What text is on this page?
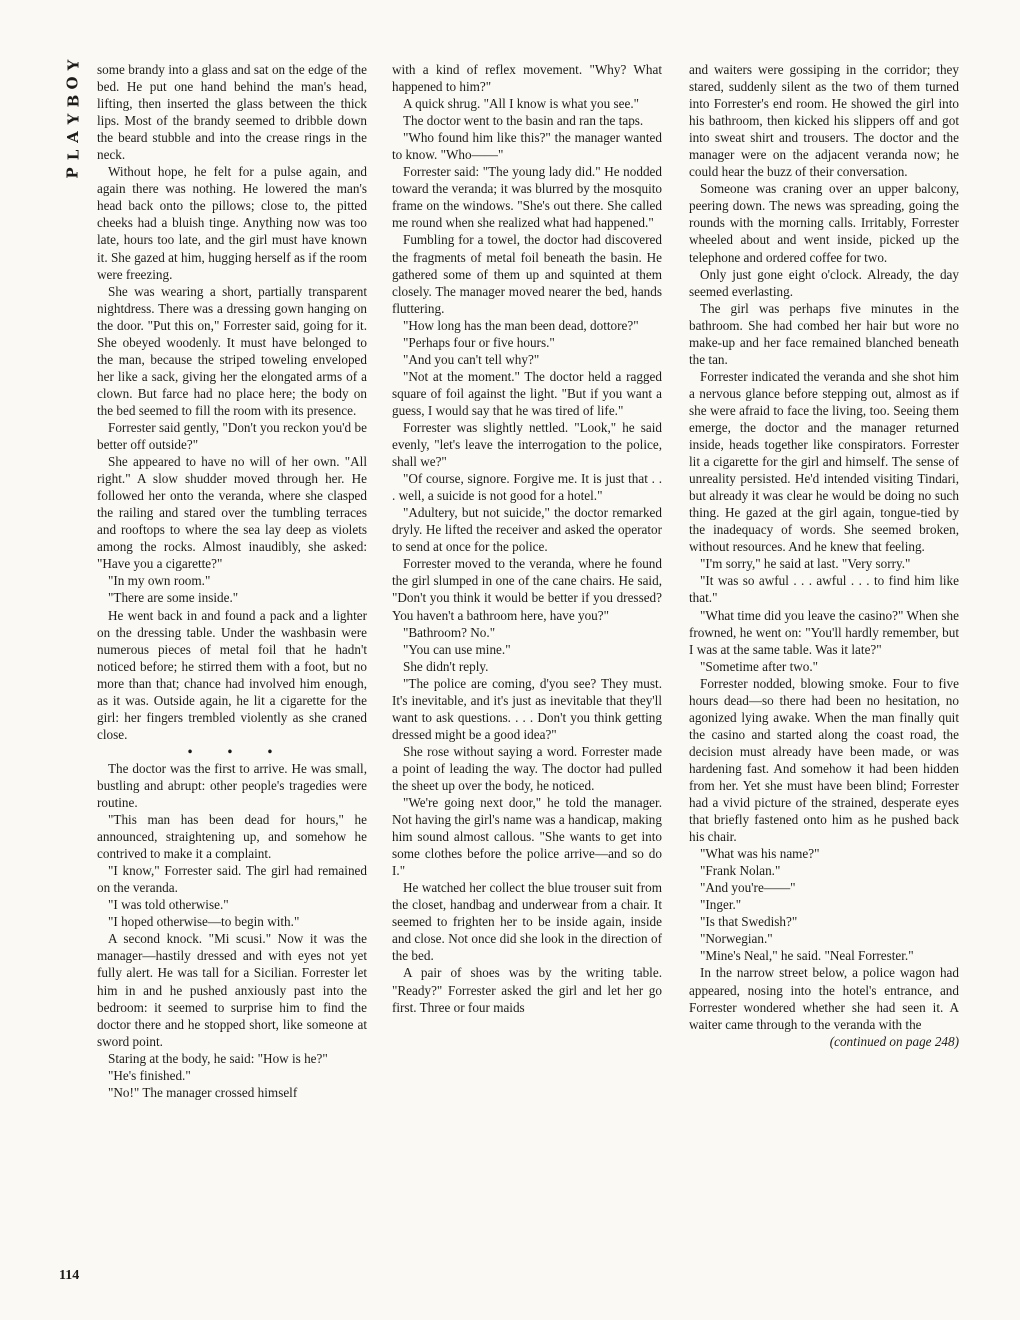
P
L
A
Y
B
O
Y some brandy into a glass and sat on the edge of the bed. He put one hand behind the man's head, lifting, then inserted the glass between the thick lips. Most of the brandy seemed to dribble down the beard stubble and into the crease rings in the neck.

Without hope, he felt for a pulse again, and again there was nothing. He lowered the man's head back onto the pillows; close to, the pitted cheeks had a bluish tinge. Anything now was too late, hours too late, and the girl must have known it. She gazed at him, hugging herself as if the room were freezing.

She was wearing a short, partially transparent nightdress. There was a dressing gown hanging on the door. "Put this on," Forrester said, going for it. She obeyed woodenly. It must have belonged to the man, because the striped toweling enveloped her like a sack, giving her the elongated arms of a clown. But farce had no place here; the body on the bed seemed to fill the room with its presence.

Forrester said gently, "Don't you reckon you'd be better off outside?"

She appeared to have no will of her own. "All right." A slow shudder moved through her. He followed her onto the veranda, where she clasped the railing and stared over the tumbling terraces and rooftops to where the sea lay deep as violets among the rocks. Almost inaudibly, she asked: "Have you a cigarette?"

"In my own room."

"There are some inside."

He went back in and found a pack and a lighter on the dressing table. Under the washbasin were numerous pieces of metal foil that he hadn't noticed before; he stirred them with a foot, but no more than that; chance had involved him enough, as it was. Outside again, he lit a cigarette for the girl: her fingers trembled violently as she craned close.

• • •

The doctor was the first to arrive. He was small, bustling and abrupt: other people's tragedies were routine.

"This man has been dead for hours," he announced, straightening up, and somehow he contrived to make it a complaint.

"I know," Forrester said. The girl had remained on the veranda.

"I was told otherwise."

"I hoped otherwise—to begin with."

A second knock. "Mi scusi." Now it was the manager—hastily dressed and with eyes not yet fully alert. He was tall for a Sicilian. Forrester let him in and he pushed anxiously past into the bedroom: it seemed to surprise him to find the doctor there and he stopped short, like someone at sword point.

Staring at the body, he said: "How is he?"

"He's finished."

"No!" The manager crossed himself

with a kind of reflex movement. "Why? What happened to him?"

A quick shrug. "All I know is what you see."

The doctor went to the basin and ran the taps.

"Who found him like this?" the manager wanted to know. "Who——"

Forrester said: "The young lady did." He nodded toward the veranda; it was blurred by the mosquito frame on the windows. "She's out there. She called me round when she realized what had happened."

Fumbling for a towel, the doctor had discovered the fragments of metal foil beneath the basin. He gathered some of them up and squinted at them closely. The manager moved nearer the bed, hands fluttering.

"How long has the man been dead, dottore?"

"Perhaps four or five hours."

"And you can't tell why?"

"Not at the moment." The doctor held a ragged square of foil against the light. "But if you want a guess, I would say that he was tired of life."

Forrester was slightly nettled. "Look," he said evenly, "let's leave the interrogation to the police, shall we?"

"Of course, signore. Forgive me. It is just that . . . well, a suicide is not good for a hotel."

"Adultery, but not suicide," the doctor remarked dryly. He lifted the receiver and asked the operator to send at once for the police.

Forrester moved to the veranda, where he found the girl slumped in one of the cane chairs. He said, "Don't you think it would be better if you dressed? You haven't a bathroom here, have you?"

"Bathroom? No."

"You can use mine."

She didn't reply.

"The police are coming, d'you see? They must. It's inevitable, and it's just as inevitable that they'll want to ask questions. . . . Don't you think getting dressed might be a good idea?"

She rose without saying a word. Forrester made a point of leading the way. The doctor had pulled the sheet up over the body, he noticed.

"We're going next door," he told the manager. Not having the girl's name was a handicap, making him sound almost callous. "She wants to get into some clothes before the police arrive—and so do I."

He watched her collect the blue trouser suit from the closet, handbag and underwear from a chair. It seemed to frighten her to be inside again, inside and close. Not once did she look in the direction of the bed.

A pair of shoes was by the writing table. "Ready?" Forrester asked the girl and let her go first. Three or four maids

and waiters were gossiping in the corridor; they stared, suddenly silent as the two of them turned into Forrester's end room. He showed the girl into his bathroom, then kicked his slippers off and got into sweat shirt and trousers. The doctor and the manager were on the adjacent veranda now; he could hear the buzz of their conversation.

Someone was craning over an upper balcony, peering down. The news was spreading, going the rounds with the morning calls. Irritably, Forrester wheeled about and went inside, picked up the telephone and ordered coffee for two.

Only just gone eight o'clock. Already, the day seemed everlasting.

The girl was perhaps five minutes in the bathroom. She had combed her hair but wore no make-up and her face remained blanched beneath the tan.

Forrester indicated the veranda and she shot him a nervous glance before stepping out, almost as if she were afraid to face the living, too. Seeing them emerge, the doctor and the manager returned inside, heads together like conspirators. Forrester lit a cigarette for the girl and himself. The sense of unreality persisted. He'd intended visiting Tindari, but already it was clear he would be doing no such thing. He gazed at the girl again, tongue-tied by the inadequacy of words. She seemed broken, without resources. And he knew that feeling.

"I'm sorry," he said at last. "Very sorry."

"It was so awful . . . awful . . . to find him like that."

"What time did you leave the casino?" When she frowned, he went on: "You'll hardly remember, but I was at the same table. Was it late?"

"Sometime after two."

Forrester nodded, blowing smoke. Four to five hours dead—so there had been no hesitation, no agonized lying awake. When the man finally quit the casino and started along the coast road, the decision must already have been made, or was hardening fast. And somehow it had been hidden from her. Yet she must have been blind; Forrester had a vivid picture of the strained, desperate eyes that briefly fastened onto him as he pushed back his chair.

"What was his name?"

"Frank Nolan."

"And you're——"

"Inger."

"Is that Swedish?"

"Norwegian."

"Mine's Neal," he said. "Neal Forrester."

In the narrow street below, a police wagon had appeared, nosing into the hotel's entrance, and Forrester wondered whether she had seen it. A waiter came through to the veranda with the

(continued on page 248)

114
